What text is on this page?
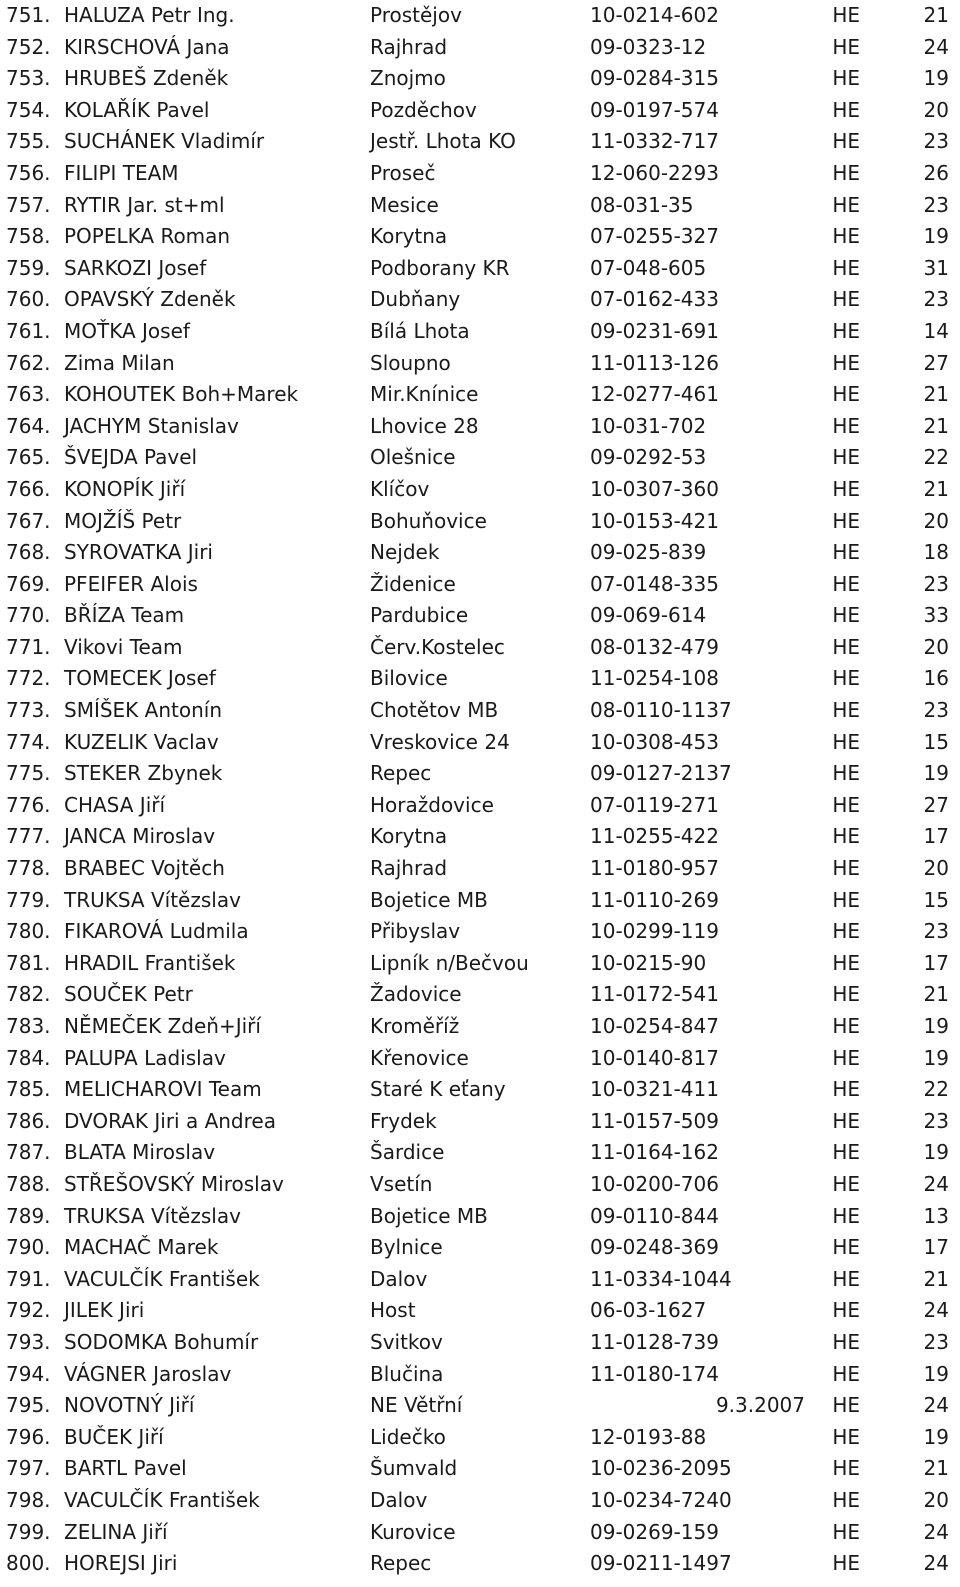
751. HALUZA Petr Ing.	Prostějov	10-0214-602	HE	21
752. KIRSCHOVÁ Jana	Rajhrad	09-0323-12	HE	24
753. HRUBEŠ Zdeněk	Znojmo	09-0284-315	HE	19
754. KOLAŘÍK Pavel	Pozděchov	09-0197-574	HE	20
755. SUCHÁNEK Vladimír	Jestř. Lhota KO	11-0332-717	HE	23
756. FILIPI TEAM	Proseč	12-060-2293	HE	26
757. RYTIR Jar. st+ml	Mesice	08-031-35	HE	23
758. POPELKA Roman	Korytna	07-0255-327	HE	19
759. SARKOZI Josef	Podborany KR	07-048-605	HE	31
760. OPAVSKÝ Zdeněk	Dubňany	07-0162-433	HE	23
761. MOŤKA Josef	Bílá Lhota	09-0231-691	HE	14
762. Zima Milan	Sloupno	11-0113-126	HE	27
763. KOHOUTEK Boh+Marek	Mir.Knínice	12-0277-461	HE	21
764. JACHYM Stanislav	Lhovice 28	10-031-702	HE	21
765. ŠVEJDA Pavel	Olešnice	09-0292-53	HE	22
766. KONOPÍK Jiří	Klíčov	10-0307-360	HE	21
767. MOJŽÍŠ Petr	Bohuňovice	10-0153-421	HE	20
768. SYROVATKA Jiri	Nejdek	09-025-839	HE	18
769. PFEIFER Alois	Židenice	07-0148-335	HE	23
770. BŘÍZA Team	Pardubice	09-069-614	HE	33
771. Vikovi Team	Červ.Kostelec	08-0132-479	HE	20
772. TOMECEK Josef	Bilovice	11-0254-108	HE	16
773. SMÍŠEK Antonín	Chotětov MB	08-0110-1137	HE	23
774. KUZELIK Vaclav	Vreskovice 24	10-0308-453	HE	15
775. STEKER Zbynek	Repec	09-0127-2137	HE	19
776. CHASA Jiří	Horaždovice	07-0119-271	HE	27
777. JANCA Miroslav	Korytna	11-0255-422	HE	17
778. BRABEC Vojtěch	Rajhrad	11-0180-957	HE	20
779. TRUKSA Vítězslav	Bojetice MB	11-0110-269	HE	15
780. FIKAROVÁ Ludmila	Přibyslav	10-0299-119	HE	23
781. HRADIL František	Lipník n/Bečvou	10-0215-90	HE	17
782. SOUČEK Petr	Žadovice	11-0172-541	HE	21
783. NĚMEČEK Zdeň+Jiří	Kroměříž	10-0254-847	HE	19
784. PALUPA Ladislav	Křenovice	10-0140-817	HE	19
785. MELICHAROVI Team	Staré K eťany	10-0321-411	HE	22
786. DVORAK Jiri a Andrea	Frydek	11-0157-509	HE	23
787. BLATA Miroslav	Šardice	11-0164-162	HE	19
788. STŘEŠOVSKÝ Miroslav	Vsetín	10-0200-706	HE	24
789. TRUKSA Vítězslav	Bojetice MB	09-0110-844	HE	13
790. MACHAČ Marek	Bylnice	09-0248-369	HE	17
791. VACULČÍK František	Dalov	11-0334-1044	HE	21
792. JILEK Jiri	Host	06-03-1627	HE	24
793. SODOMKA Bohumír	Svitkov	11-0128-739	HE	23
794. VÁGNER Jaroslav	Blučina	11-0180-174	HE	19
795. NOVOTNÝ Jiří	NE Větřní	9.3.2007	HE	24
796. BUČEK Jiří	Lidečko	12-0193-88	HE	19
797. BARTL Pavel	Šumvald	10-0236-2095	HE	21
798. VACULČÍK František	Dalov	10-0234-7240	HE	20
799. ZELINA Jiří	Kurovice	09-0269-159	HE	24
800. HOREJSI Jiri	Repec	09-0211-1497	HE	24
